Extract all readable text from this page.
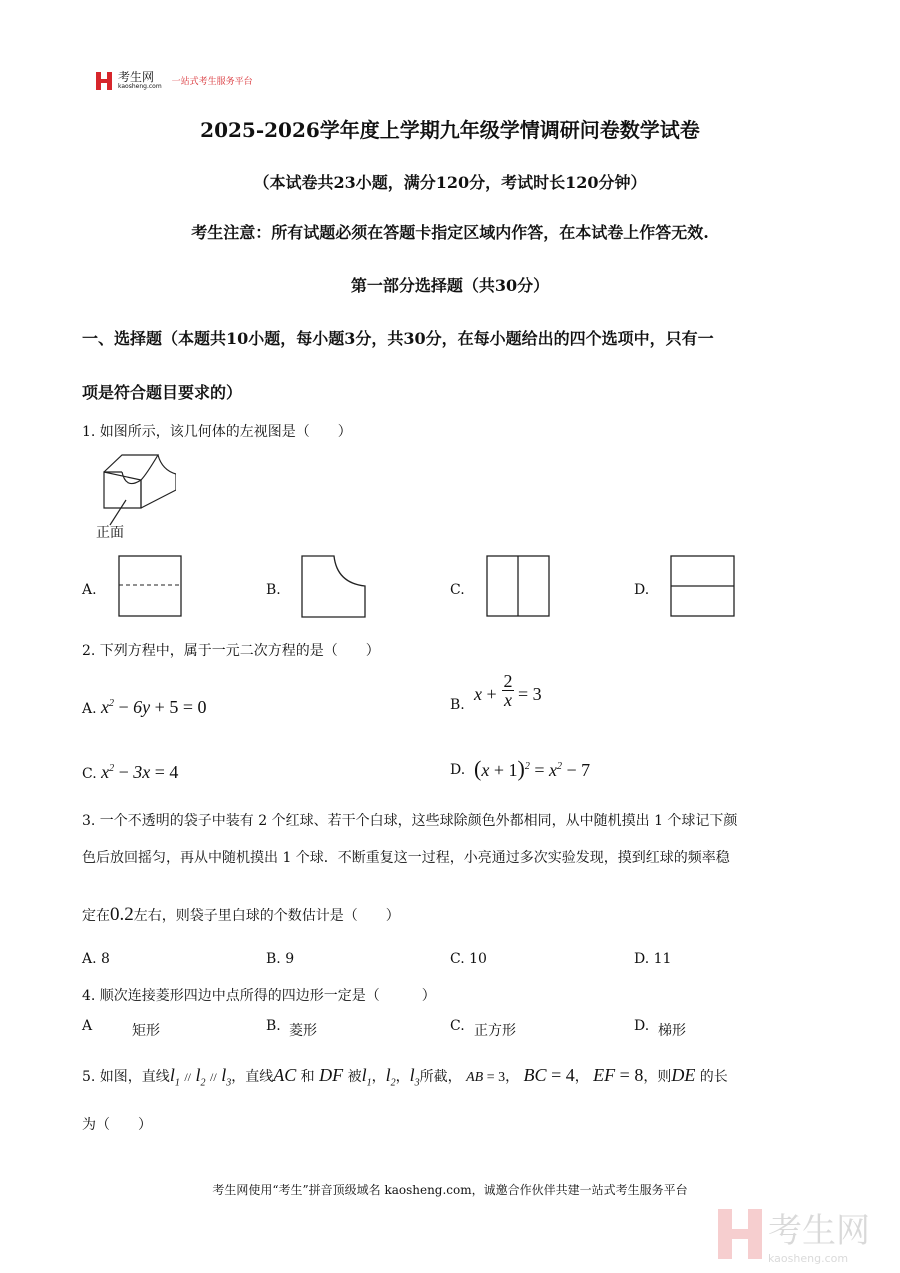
考生网
kaosheng.com 一站式考生服务平台
2025-2026学年度上学期九年级学情调研问卷数学试卷
（本试卷共23小题，满分120分，考试时长120分钟）
考生注意：所有试题必须在答题卡指定区域内作答，在本试卷上作答无效.
第一部分选择题（共30分）
一、选择题（本题共10小题，每小题3分，共30分，在每小题给出的四个选项中，只有一
项是符合题目要求的）
1. 如图所示，该几何体的左视图是（　　）
正面
A.	B.	C.	D.
2. 下列方程中，属于一元二次方程的是（　　）
A. $x^2 - 6y + 5 = 0$	B.
x +
2
x = 3
C. $x^2 - 3x = 4$	D. $(x + 1)^2 = x^2 - 7$
3. 一个不透明的袋子中装有 2 个红球、若干个白球，这些球除颜色外都相同，从中随机摸出 1 个球记下颜
色后放回摇匀，再从中随机摸出 1 个球．不断重复这一过程，小亮通过多次实验发现，摸到红球的频率稳
定在0.2左右，则袋子里白球的个数估计是（　　）
A. 8	B. 9	C. 10	D. 11
4. 顺次连接菱形四边中点所得的四边形一定是（　　　）
A	矩形	B. 菱形	C. 正方形	D. 梯形
5. 如图，直线$l_1 // l_2 // l_3$，直线AC 和 DF 被$l_1$，$l_2$，$l_3$所截， AB = 3， BC = 4， EF = 8，则DE 的长
为（　　）
考生网使用“考生”拼音顶级域名 kaosheng.com，诚邀合作伙伴共建一站式考生服务平台
考生网
kaosheng.com
